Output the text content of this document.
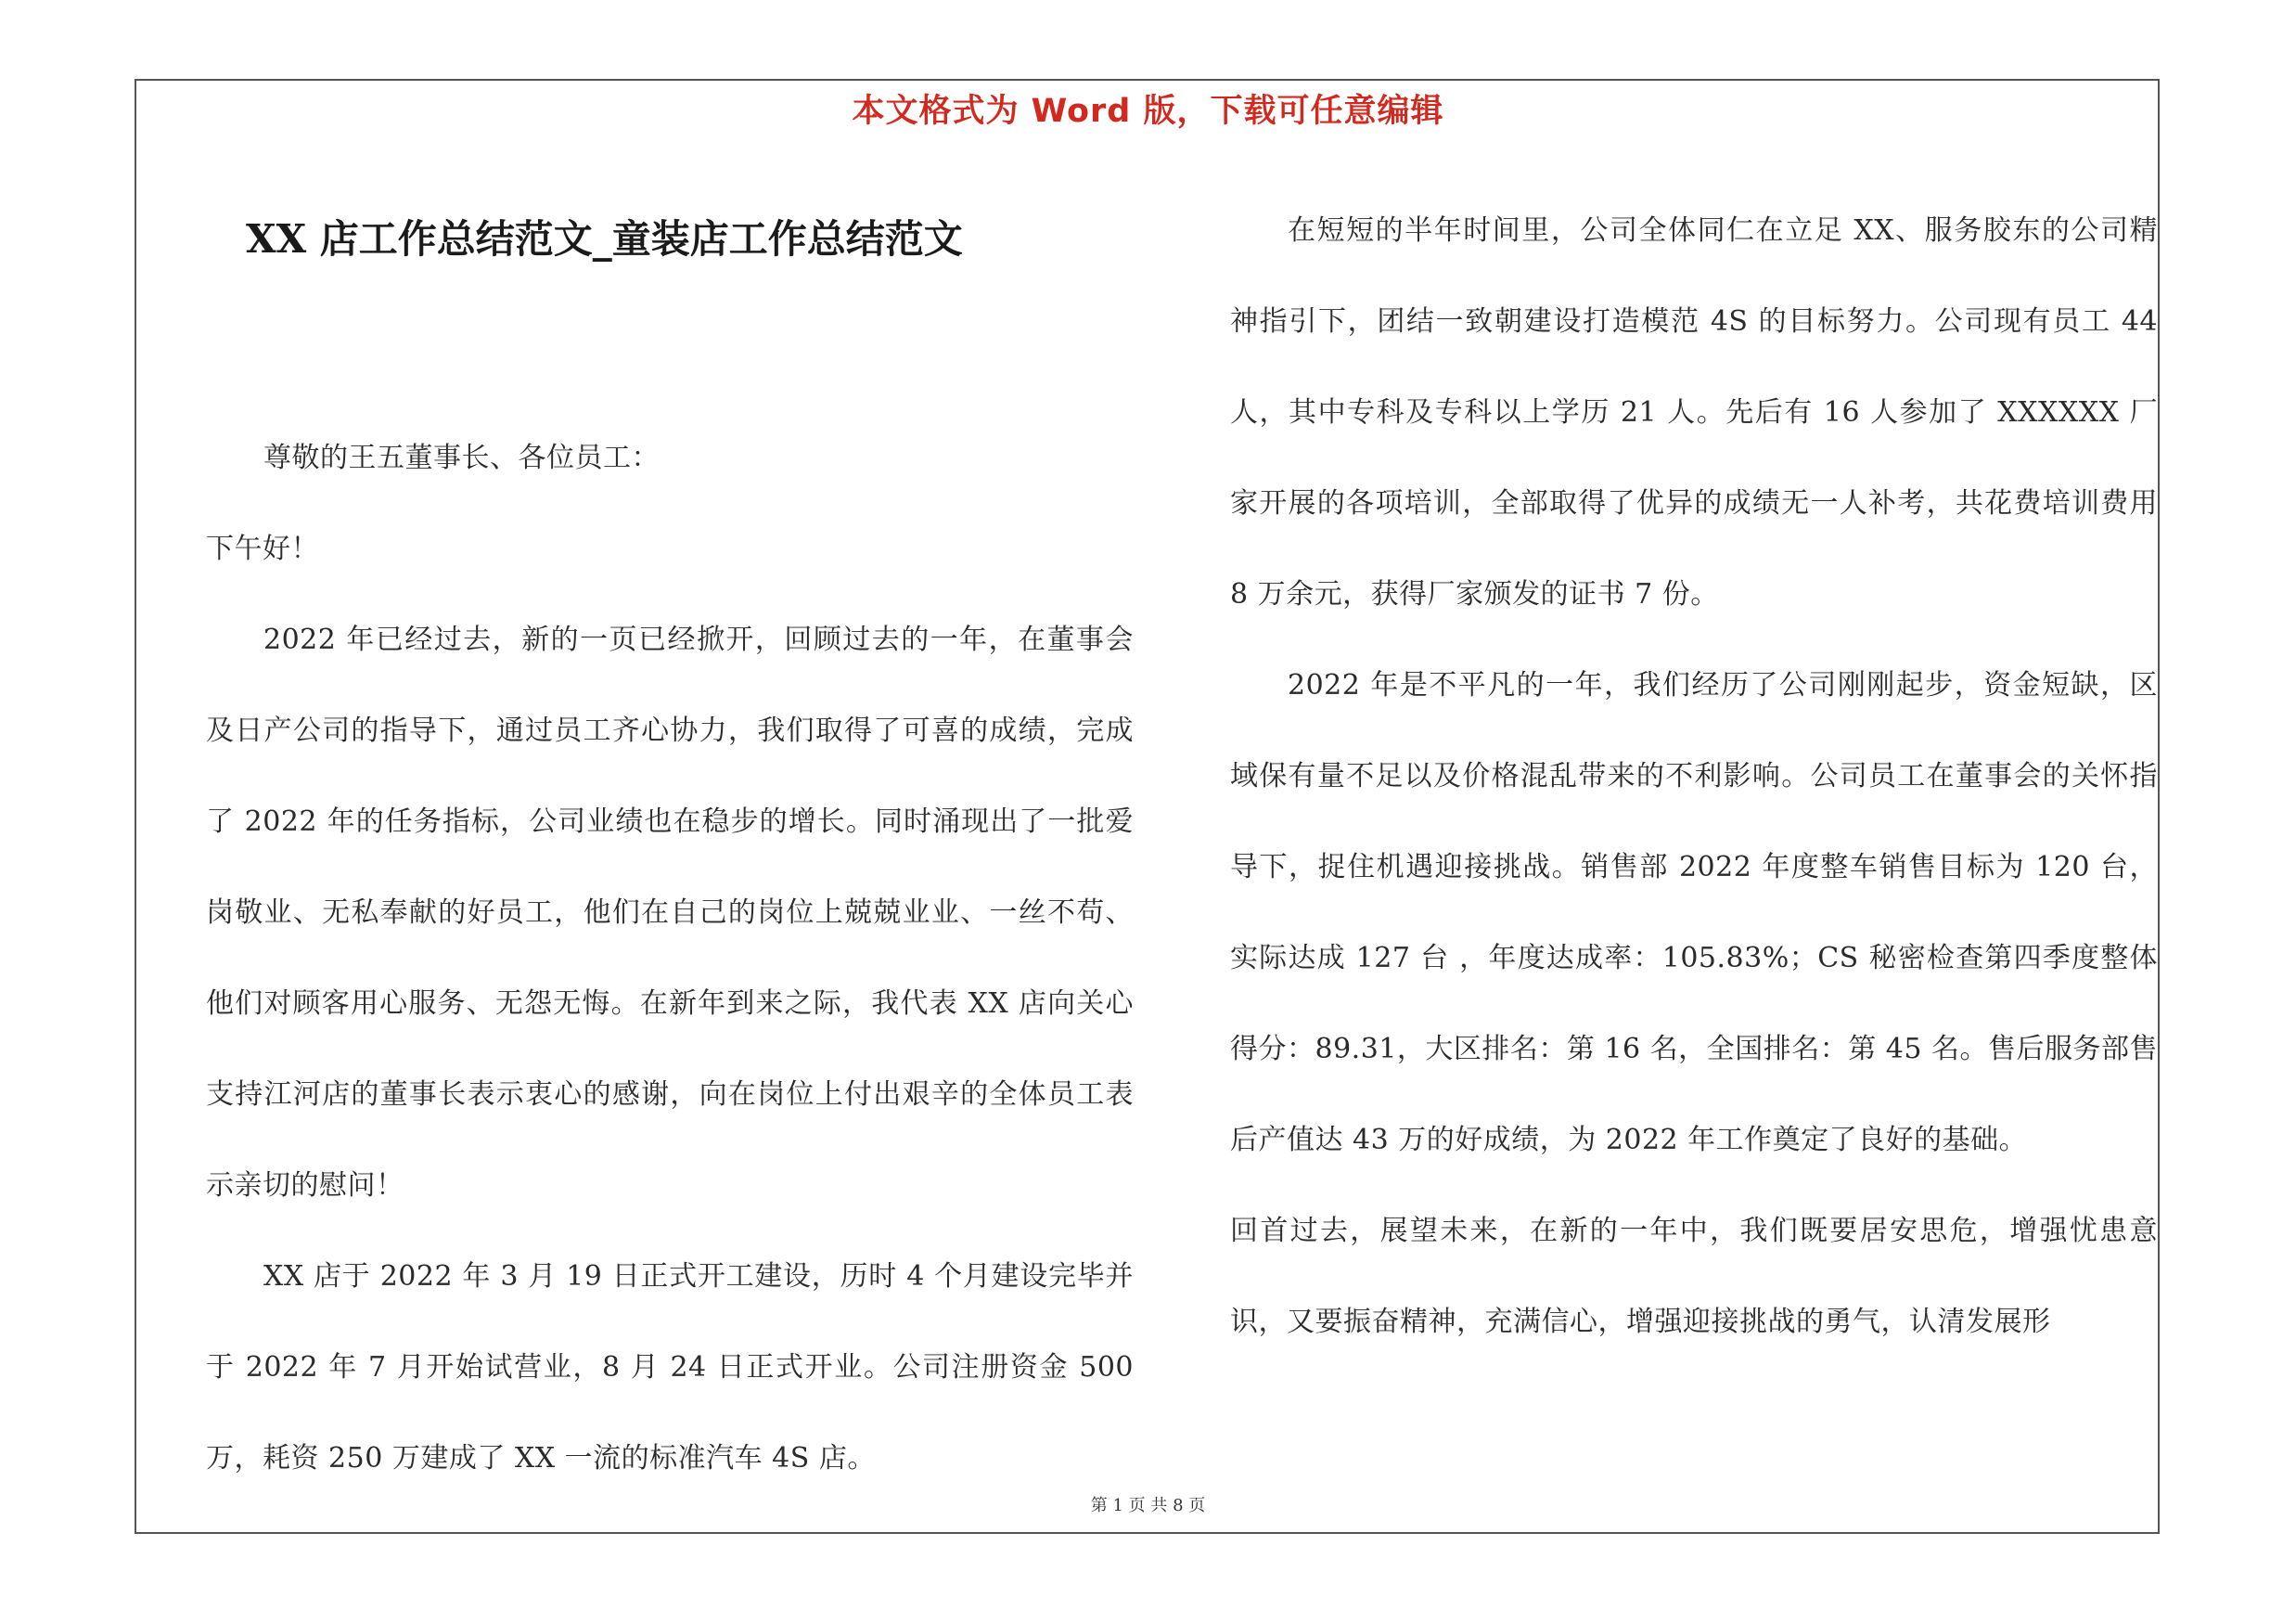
本文格式为 Word 版，下载可任意编辑
XX 店工作总结范文_童装店工作总结范文

尊敬的王五董事长、各位员工：

下午好！

2022 年已经过去，新的一页已经掀开，回顾过去的一年，在董事会及日产公司的指导下，通过员工齐心协力，我们取得了可喜的成绩，完成了 2022 年的任务指标，公司业绩也在稳步的增长。同时涌现出了一批爱岗敬业、无私奉献的好员工，他们在自己的岗位上兢兢业业、一丝不苟、他们对顾客用心服务、无怨无悔。在新年到来之际，我代表 XX 店向关心支持江河店的董事长表示衷心的感谢，向在岗位上付出艰辛的全体员工表示亲切的慰问！

XX 店于 2022 年 3 月 19 日正式开工建设，历时 4 个月建设完毕并于 2022 年 7 月开始试营业，8 月 24 日正式开业。公司注册资金 500 万，耗资 250 万建成了 XX 一流的标准汽车 4S 店。

在短短的半年时间里，公司全体同仁在立足 XX、服务胶东的公司精神指引下，团结一致朝建设打造模范 4S 的目标努力。公司现有员工 44 人，其中专科及专科以上学历 21 人。先后有 16 人参加了 XXXXXX 厂家开展的各项培训，全部取得了优异的成绩无一人补考，共花费培训费用 8 万余元，获得厂家颁发的证书 7 份。

2022 年是不平凡的一年，我们经历了公司刚刚起步，资金短缺，区域保有量不足以及价格混乱带来的不利影响。公司员工在董事会的关怀指导下，捉住机遇迎接挑战。销售部 2022 年度整车销售目标为 120 台，实际达成 127 台 ，年度达成率：105.83%；CS 秘密检查第四季度整体得分：89.31，大区排名：第 16 名，全国排名：第 45 名。售后服务部售后产值达 43 万的好成绩，为 2022 年工作奠定了良好的基础。

回首过去，展望未来，在新的一年中，我们既要居安思危，增强忧患意识，又要振奋精神，充满信心，增强迎接挑战的勇气，认清发展形

第 1 页 共 8 页
